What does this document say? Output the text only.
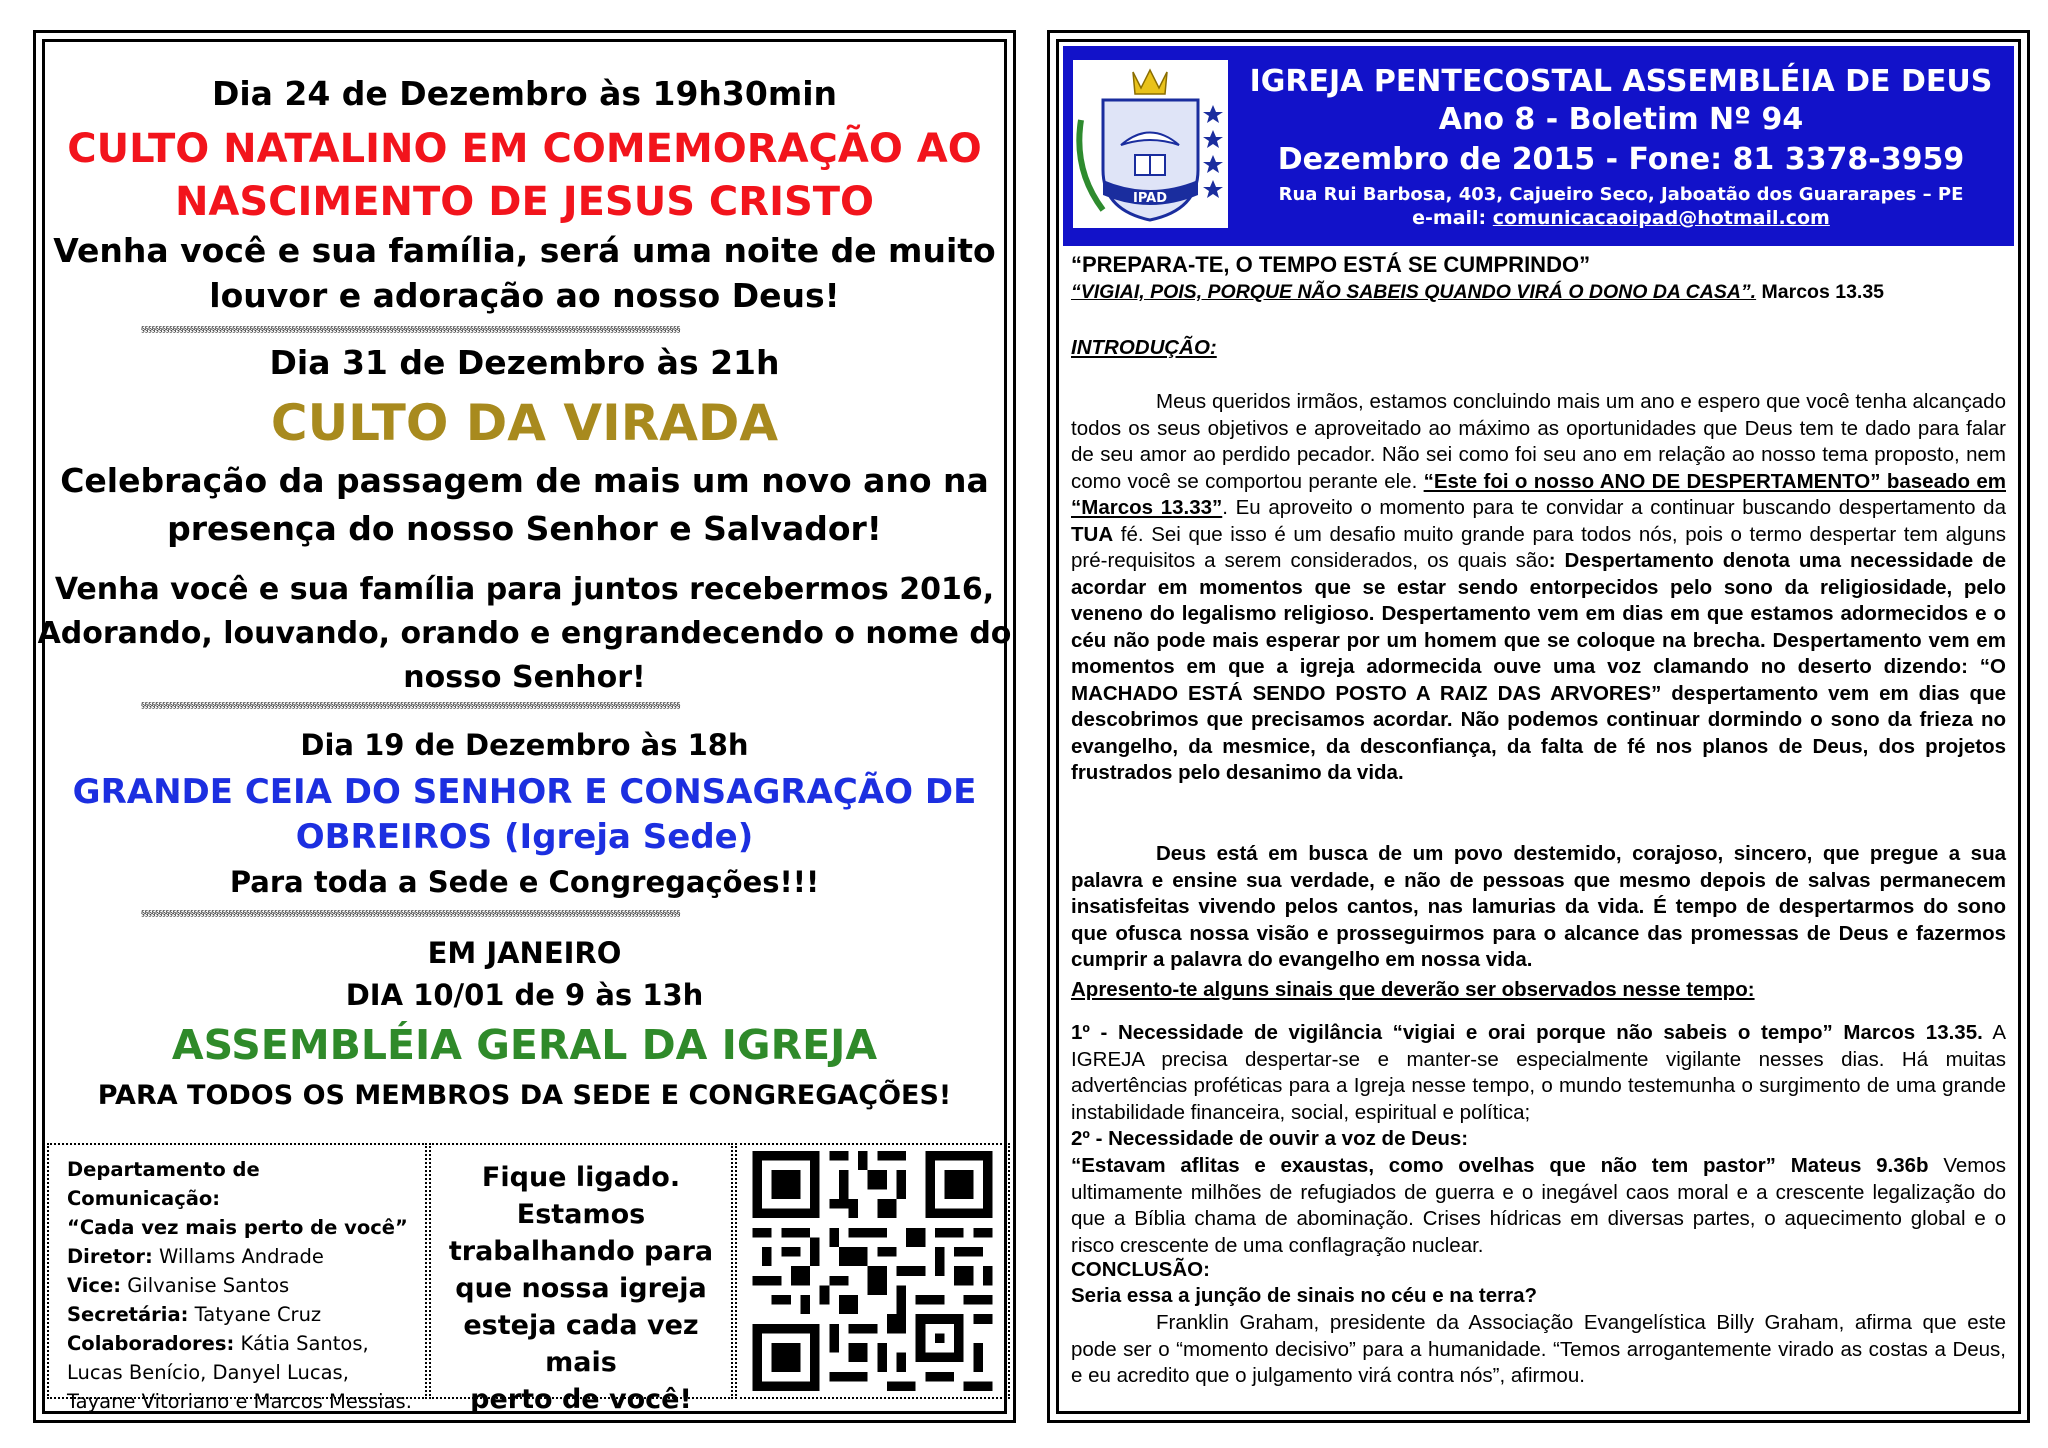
Dia 24 de Dezembro às 19h30min
CULTO NATALINO EM COMEMORAÇÃO AO
NASCIMENTO DE JESUS CRISTO
Venha você e sua família, será uma noite de muito
louvor e adoração ao nosso Deus!
§§§§§§§§§§§§§§§§§§§§§§§§§§§§§§§§§§§§§§§§§§§§§§§§§§§§§§§§§§§§§§§§§§§§§§§§§§§§§§§§§§§§§§§§§§§§§§§§§§§§§§§§§§§§§§§§§§§§§§§§§§§§§§§§§§§§§§§§§§§§§§§§§§§§§§§§§§
Dia 31 de Dezembro às 21h
CULTO DA VIRADA
Celebração da passagem de mais um novo ano na
presença do nosso Senhor e Salvador!
Venha você e sua família para juntos recebermos 2016,
Adorando, louvando, orando e engrandecendo o nome do
nosso Senhor!
§§§§§§§§§§§§§§§§§§§§§§§§§§§§§§§§§§§§§§§§§§§§§§§§§§§§§§§§§§§§§§§§§§§§§§§§§§§§§§§§§§§§§§§§§§§§§§§§§§§§§§§§§§§§§§§§§§§§§§§§§§§§§§§§§§§§§§§§§§§§§§§§§§§§§§§§§§
Dia 19 de Dezembro às 18h
GRANDE CEIA DO SENHOR E CONSAGRAÇÃO DE
OBREIROS (Igreja Sede)
Para toda a Sede e Congregações!!!
§§§§§§§§§§§§§§§§§§§§§§§§§§§§§§§§§§§§§§§§§§§§§§§§§§§§§§§§§§§§§§§§§§§§§§§§§§§§§§§§§§§§§§§§§§§§§§§§§§§§§§§§§§§§§§§§§§§§§§§§§§§§§§§§§§§§§§§§§§§§§§§§§§§§§§§§§§
EM JANEIRO
DIA 10/01 de 9 às 13h
ASSEMBLÉIA GERAL DA IGREJA
PARA TODOS OS MEMBROS DA SEDE E CONGREGAÇÕES!
Departamento de Comunicação:
“Cada vez mais perto de você”
Diretor: Willams Andrade
Vice: Gilvanise Santos
Secretária: Tatyane Cruz
Colaboradores: Kátia Santos, Lucas Benício, Danyel Lucas, Tayane Vitoriano e Marcos Messias.
Fique ligado.
Estamos
trabalhando para
que nossa igreja
esteja cada vez mais
perto de você!
IPAD
IGREJA PENTECOSTAL ASSEMBLÉIA DE DEUS
Ano 8 - Boletim Nº 94
Dezembro de 2015 - Fone: 81 3378-3959
Rua Rui Barbosa, 403, Cajueiro Seco, Jaboatão dos Guararapes – PE
e-mail: comunicacaoipad@hotmail.com
“PREPARA-TE, O TEMPO ESTÁ SE CUMPRINDO”
“VIGIAI, POIS, PORQUE NÃO SABEIS QUANDO VIRÁ O DONO DA CASA”. Marcos 13.35
INTRODUÇÃO:
Meus queridos irmãos, estamos concluindo mais um ano e espero que você tenha alcançado todos os seus objetivos e aproveitado ao máximo as oportunidades que Deus tem te dado para falar de seu amor ao perdido pecador. Não sei como foi seu ano em relação ao nosso tema proposto, nem como você se comportou perante ele. “Este foi o nosso ANO DE DESPERTAMENTO” baseado em “Marcos 13.33”. Eu aproveito o momento para te convidar a continuar buscando despertamento da TUA fé. Sei que isso é um desafio muito grande para todos nós, pois o termo despertar tem alguns pré-requisitos a serem considerados, os quais são: Despertamento denota uma necessidade de acordar em momentos que se estar sendo entorpecidos pelo sono da religiosidade, pelo veneno do legalismo religioso. Despertamento vem em dias em que estamos adormecidos e o céu não pode mais esperar por um homem que se coloque na brecha. Despertamento vem em momentos em que a igreja adormecida ouve uma voz clamando no deserto dizendo: “O MACHADO ESTÁ SENDO POSTO A RAIZ DAS ARVORES” despertamento vem em dias que descobrimos que precisamos acordar. Não podemos continuar dormindo o sono da frieza no evangelho, da mesmice, da desconfiança, da falta de fé nos planos de Deus, dos projetos frustrados pelo desanimo da vida.
Deus está em busca de um povo destemido, corajoso, sincero, que pregue a sua palavra e ensine sua verdade, e não de pessoas que mesmo depois de salvas permanecem insatisfeitas vivendo pelos cantos, nas lamurias da vida. É tempo de despertarmos do sono que ofusca nossa visão e prosseguirmos para o alcance das promessas de Deus e fazermos cumprir a palavra do evangelho em nossa vida.
Apresento-te alguns sinais que deverão ser observados nesse tempo:
1º - Necessidade de vigilância “vigiai e orai porque não sabeis o tempo” Marcos 13.35. A IGREJA precisa despertar-se e manter-se especialmente vigilante nesses dias. Há muitas advertências proféticas para a Igreja nesse tempo, o mundo testemunha o surgimento de uma grande instabilidade financeira, social, espiritual e política;
2º - Necessidade de ouvir a voz de Deus:
“Estavam aflitas e exaustas, como ovelhas que não tem pastor” Mateus 9.36b Vemos ultimamente milhões de refugiados de guerra e o inegável caos moral e a crescente legalização do que a Bíblia chama de abominação. Crises hídricas em diversas partes, o aquecimento global e o risco crescente de uma conflagração nuclear.
CONCLUSÃO:
Seria essa a junção de sinais no céu e na terra?
Franklin Graham, presidente da Associação Evangelística Billy Graham, afirma que este pode ser o “momento decisivo” para a humanidade. “Temos arrogantemente virado as costas a Deus, e eu acredito que o julgamento virá contra nós”, afirmou.
